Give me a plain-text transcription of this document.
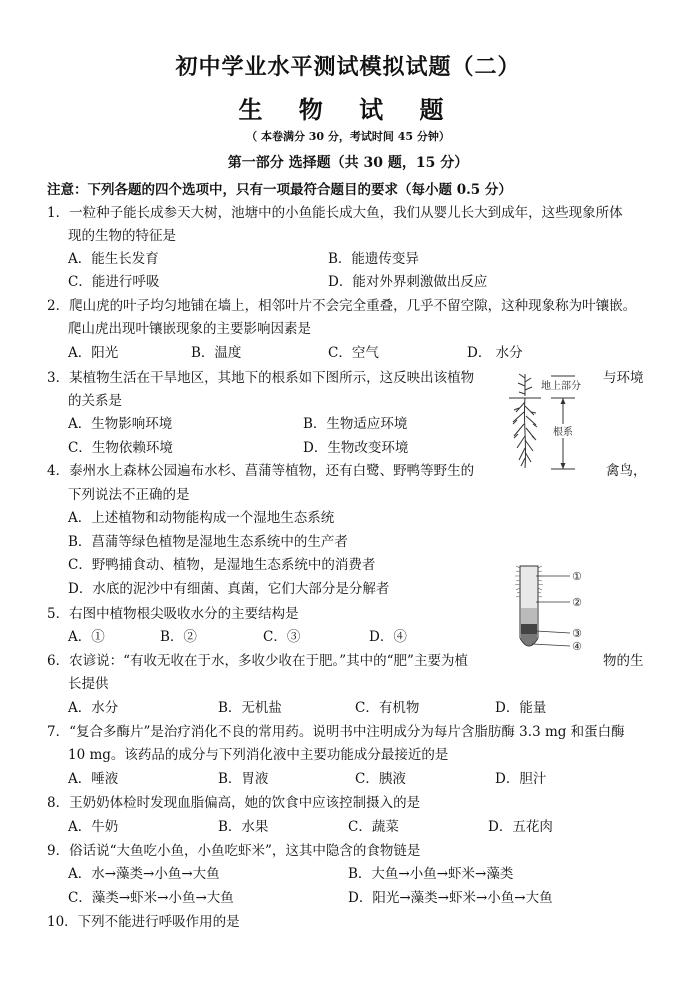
初中学业水平测试模拟试题（二）
生 物 试 题
（ 本卷满分 30 分，考试时间 45 分钟）
第一部分 选择题（共 30 题，15 分）
注意：下列各题的四个选项中，只有一项最符合题目的要求（每小题 0.5 分）
1．一粒种子能长成参天大树，池塘中的小鱼能长成大鱼，我们从婴儿长大到成年，这些现象所体
现的生物的特征是
A．能生长发育	B．能遗传变异
C．能进行呼吸	D．能对外界刺激做出反应
2．爬山虎的叶子均匀地铺在墙上，相邻叶片不会完全重叠，几乎不留空隙，这种现象称为叶镶嵌。
爬山虎出现叶镶嵌现象的主要影响因素是
A．阳光	B．温度	C．空气	D． 水分
3．某植物生活在干旱地区，其地下的根系如下图所示，这反映出该植物	与环境
的关系是
A．生物影响环境	B．生物适应环境
C．生物依赖环境	D．生物改变环境
地上部分
根系
4．泰州水上森林公园遍布水杉、菖蒲等植物，还有白鹭、野鸭等野生的	禽鸟，
下列说法不正确的是
A．上述植物和动物能构成一个湿地生态系统
B．菖蒲等绿色植物是湿地生态系统中的生产者
C．野鸭捕食动、植物，是湿地生态系统中的消费者
D．水底的泥沙中有细菌、真菌，它们大部分是分解者
①
②
③
④
5．右图中植物根尖吸收水分的主要结构是
A．①	B．②	C．③	D．④
6．农谚说：“有收无收在于水，多收少收在于肥。”其中的“肥”主要为植	物的生
长提供
A．水分	B．无机盐	C．有机物	D．能量
7．“复合多酶片”是治疗消化不良的常用药。说明书中注明成分为每片含脂肪酶 3.3 mg 和蛋白酶
10 mg。该药品的成分与下列消化液中主要功能成分最接近的是
A．唾液	B．胃液	C．胰液	D．胆汁
8．王奶奶体检时发现血脂偏高，她的饮食中应该控制摄入的是
A．牛奶	B．水果	C．蔬菜	D．五花肉
9．俗话说“大鱼吃小鱼，小鱼吃虾米”，这其中隐含的食物链是
A．水→藻类→小鱼→大鱼	B．大鱼→小鱼→虾米→藻类
C．藻类→虾米→小鱼→大鱼	D．阳光→藻类→虾米→小鱼→大鱼
10．下列不能进行呼吸作用的是
